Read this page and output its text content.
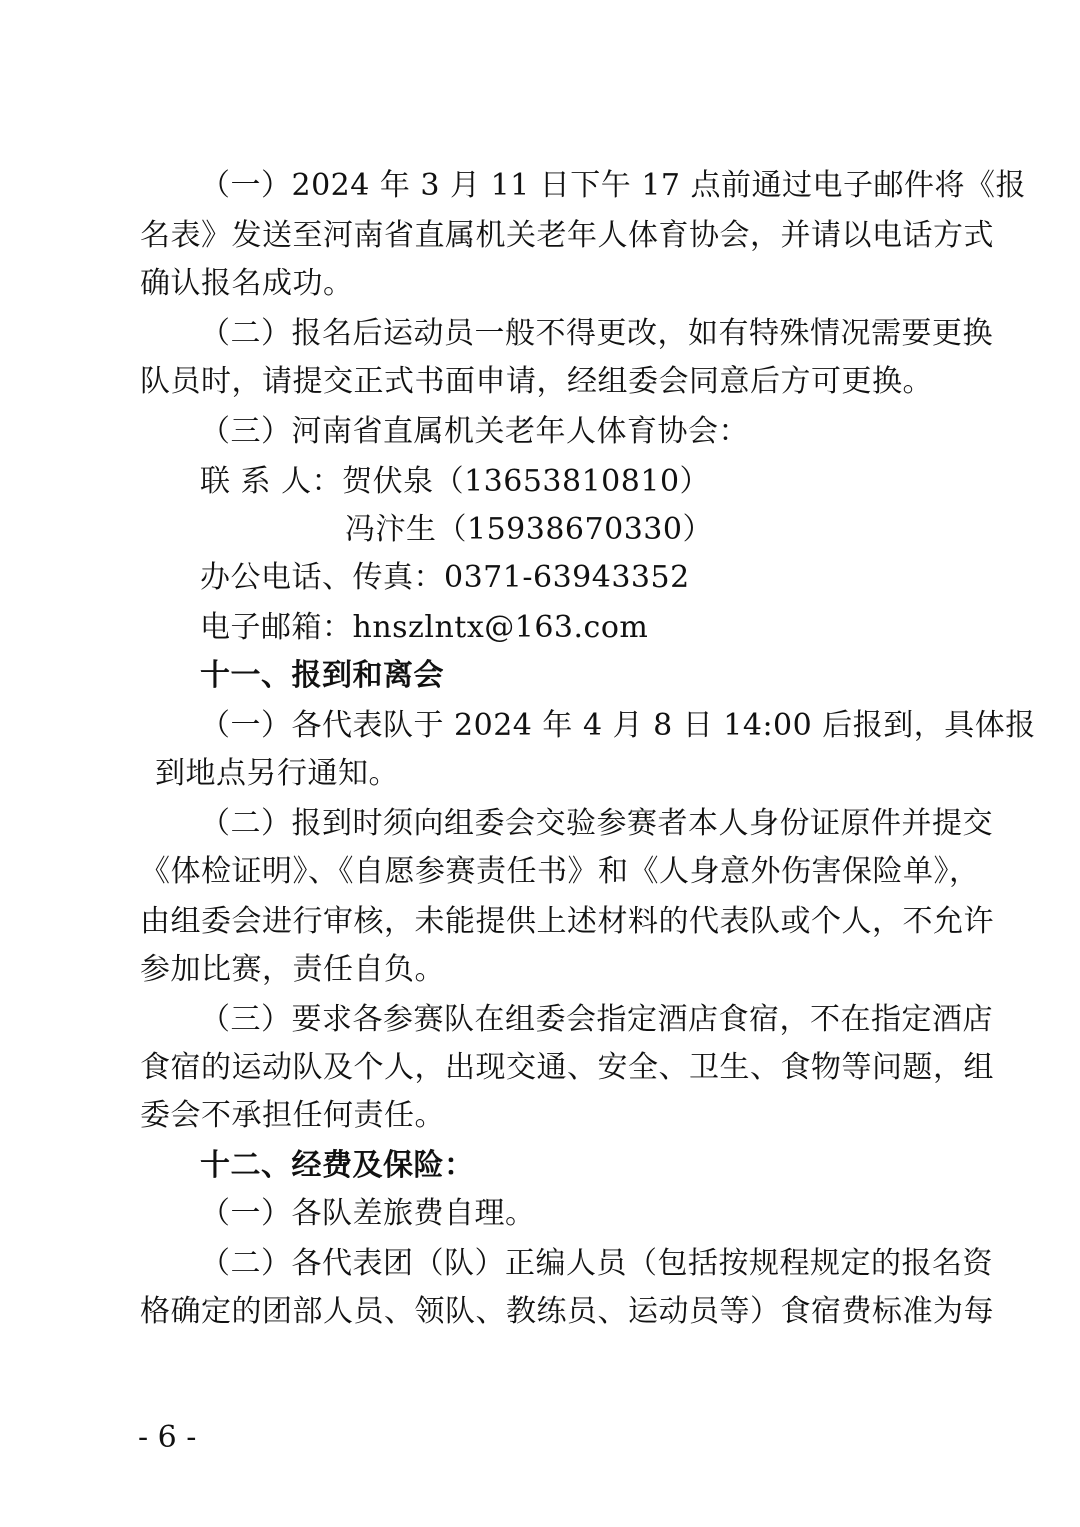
（一）2024 年 3 月 11 日下午 17 点前通过电子邮件将《报
名表》发送至河南省直属机关老年人体育协会，并请以电话方式
确认报名成功。
（二）报名后运动员一般不得更改，如有特殊情况需要更换
队员时，请提交正式书面申请，经组委会同意后方可更换。
（三）河南省直属机关老年人体育协会：
联 系 人：贺伏泉（13653810810）
冯汴生（15938670330）
办公电话、传真：0371-63943352
电子邮箱：hnszlntx@163.com
十一、报到和离会
（一）各代表队于 2024 年 4 月 8 日 14:00 后报到，具体报
到地点另行通知。
（二）报到时须向组委会交验参赛者本人身份证原件并提交
《体检证明》、《自愿参赛责任书》和《人身意外伤害保险单》，
由组委会进行审核，未能提供上述材料的代表队或个人，不允许
参加比赛，责任自负。
（三）要求各参赛队在组委会指定酒店食宿，不在指定酒店
食宿的运动队及个人，出现交通、安全、卫生、食物等问题，组
委会不承担任何责任。
十二、经费及保险：
（一）各队差旅费自理。
（二）各代表团（队）正编人员（包括按规程规定的报名资
格确定的团部人员、领队、教练员、运动员等）食宿费标准为每
- 6 -
